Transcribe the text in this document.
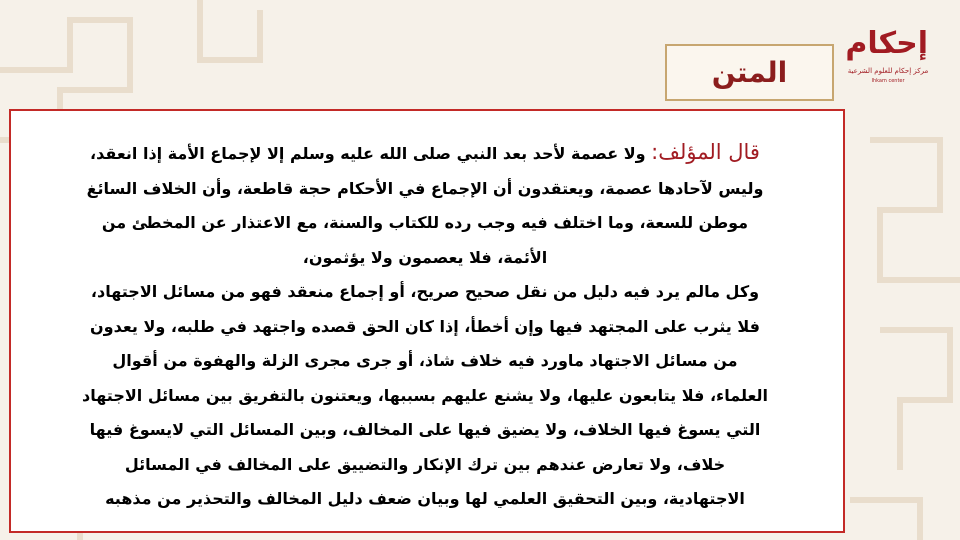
إحكام
مركز إحكام للعلوم الشرعية
Ihkam center
المتن
قال المؤلف: ولا عصمة لأحد بعد النبي صلى الله عليه وسلم إلا لإجماع الأمة إذا انعقد،
وليس لآحادها عصمة، ويعتقدون أن الإجماع في الأحكام حجة قاطعة، وأن الخلاف السائغ
موطن للسعة، وما اختلف فيه وجب رده للكتاب والسنة، مع الاعتذار عن المخطئ من
الأئمة، فلا يعصمون ولا يؤثمون،
وكل مالم يرد فيه دليل من نقل صحيح صريح، أو إجماع منعقد فهو من مسائل الاجتهاد،
فلا يثرب على المجتهد فيها وإن أخطأ، إذا كان الحق قصده واجتهد في طلبه، ولا يعدون
من مسائل الاجتهاد ماورد فيه خلاف شاذ، أو جرى مجرى الزلة والهفوة من أقوال
العلماء، فلا يتابعون عليها، ولا يشنع عليهم بسببها، ويعتنون بالتفريق بين مسائل الاجتهاد
التي يسوغ فيها الخلاف، ولا يضيق فيها على المخالف، وبين المسائل التي لايسوغ فيها
خلاف، ولا تعارض عندهم بين ترك الإنكار والتضييق على المخالف في المسائل
الاجتهادية، وبين التحقيق العلمي لها وبيان ضعف دليل المخالف والتحذير من مذهبه
